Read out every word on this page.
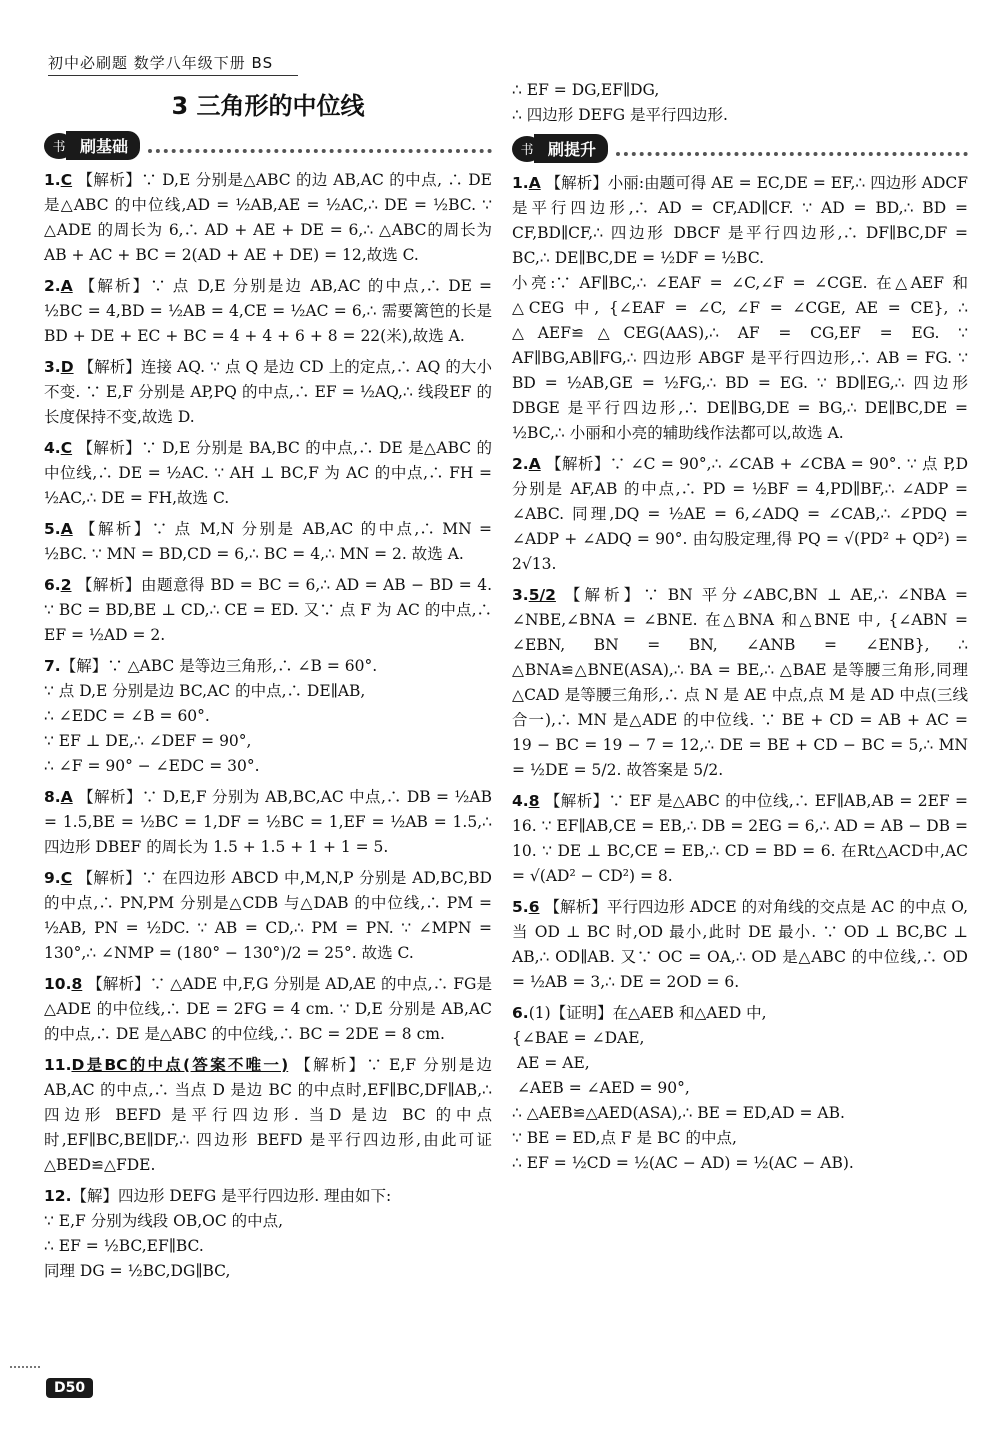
初中必刷题 数学八年级下册 BS
3 三角形的中位线
书 刷基础

1.C 【解析】∵ D,E 分别是△ABC 的边 AB,AC 的中点, ∴ DE 是△ABC 的中位线,AD = ½AB,AE = ½AC,∴ DE = ½BC. ∵ △ADE 的周长为 6,∴ AD + AE + DE = 6,∴ △ABC的周长为 AB + AC + BC = 2(AD + AE + DE) = 12,故选 C.

2.A 【解析】∵ 点 D,E 分别是边 AB,AC 的中点,∴ DE = ½BC = 4,BD = ½AB = 4,CE = ½AC = 6,∴ 需要篱笆的长是 BD + DE + EC + BC = 4 + 4 + 6 + 8 = 22(米),故选 A.

3.D 【解析】连接 AQ. ∵ 点 Q 是边 CD 上的定点,∴ AQ 的大小不变. ∵ E,F 分别是 AP,PQ 的中点,∴ EF = ½AQ,∴ 线段EF 的长度保持不变,故选 D.

4.C 【解析】∵ D,E 分别是 BA,BC 的中点,∴ DE 是△ABC 的中位线,∴ DE = ½AC. ∵ AH ⊥ BC,F 为 AC 的中点,∴ FH = ½AC,∴ DE = FH,故选 C.

5.A 【解析】∵ 点 M,N 分别是 AB,AC 的中点,∴ MN = ½BC. ∵ MN = BD,CD = 6,∴ BC = 4,∴ MN = 2. 故选 A.

6.2 【解析】由题意得 BD = BC = 6,∴ AD = AB − BD = 4. ∵ BC = BD,BE ⊥ CD,∴ CE = ED. 又∵ 点 F 为 AC 的中点,∴ EF = ½AD = 2.

7.【解】∵ △ABC 是等边三角形,∴ ∠B = 60°.
∵ 点 D,E 分别是边 BC,AC 的中点,∴ DE∥AB,
∴ ∠EDC = ∠B = 60°.
∵ EF ⊥ DE,∴ ∠DEF = 90°,
∴ ∠F = 90° − ∠EDC = 30°.

8.A 【解析】∵ D,E,F 分别为 AB,BC,AC 中点,∴ DB = ½AB = 1.5,BE = ½BC = 1,DF = ½BC = 1,EF = ½AB = 1.5,∴ 四边形 DBEF 的周长为 1.5 + 1.5 + 1 + 1 = 5.

9.C 【解析】∵ 在四边形 ABCD 中,M,N,P 分别是 AD,BC,BD 的中点,∴ PN,PM 分别是△CDB 与△DAB 的中位线,∴ PM = ½AB, PN = ½DC. ∵ AB = CD,∴ PM = PN. ∵ ∠MPN = 130°,∴ ∠NMP = (180° − 130°)/2 = 25°. 故选 C.

10.8 【解析】∵ △ADE 中,F,G 分别是 AD,AE 的中点,∴ FG是△ADE 的中位线,∴ DE = 2FG = 4 cm. ∵ D,E 分别是 AB,AC 的中点,∴ DE 是△ABC 的中位线,∴ BC = 2DE = 8 cm.

11.D是BC的中点(答案不唯一) 【解析】∵ E,F 分别是边 AB,AC 的中点,∴ 当点 D 是边 BC 的中点时,EF∥BC,DF∥AB,∴ 四边形 BEFD 是平行四边形. 当D 是边 BC 的中点时,EF∥BC,BE∥DF,∴ 四边形 BEFD 是平行四边形,由此可证△BED≌△FDE.

12.【解】四边形 DEFG 是平行四边形. 理由如下:
∵ E,F 分别为线段 OB,OC 的中点,
∴ EF = ½BC,EF∥BC.
同理 DG = ½BC,DG∥BC,

∴ EF = DG,EF∥DG,
∴ 四边形 DEFG 是平行四边形.

书 刷提升

1.A 【解析】小丽:由题可得 AE = EC,DE = EF,∴ 四边形 ADCF 是平行四边形,∴ AD = CF,AD∥CF. ∵ AD = BD,∴ BD = CF,BD∥CF,∴ 四边形 DBCF 是平行四边形,∴ DF∥BC,DF = BC,∴ DE∥BC,DE = ½DF = ½BC.
小亮:∵ AF∥BC,∴ ∠EAF = ∠C,∠F = ∠CGE. 在△AEF 和△CEG 中, {∠EAF = ∠C, ∠F = ∠CGE, AE = CE}, ∴ △AEF≌△CEG(AAS),∴ AF = CG,EF = EG. ∵ AF∥BG,AB∥FG,∴ 四边形 ABGF 是平行四边形,∴ AB = FG. ∵ BD = ½AB,GE = ½FG,∴ BD = EG. ∵ BD∥EG,∴ 四边形 DBGE 是平行四边形,∴ DE∥BG,DE = BG,∴ DE∥BC,DE = ½BC,∴ 小丽和小亮的辅助线作法都可以,故选 A.

2.A 【解析】∵ ∠C = 90°,∴ ∠CAB + ∠CBA = 90°. ∵ 点 P,D 分别是 AF,AB 的中点,∴ PD = ½BF = 4,PD∥BF,∴ ∠ADP = ∠ABC. 同理,DQ = ½AE = 6,∠ADQ = ∠CAB,∴ ∠PDQ = ∠ADP + ∠ADQ = 90°. 由勾股定理,得 PQ = √(PD² + QD²) = 2√13.

3.5/2 【解析】∵ BN 平分∠ABC,BN ⊥ AE,∴ ∠NBA = ∠NBE,∠BNA = ∠BNE. 在△BNA 和△BNE 中, {∠ABN = ∠EBN, BN = BN, ∠ANB = ∠ENB}, ∴ △BNA≌△BNE(ASA),∴ BA = BE,∴ △BAE 是等腰三角形,同理△CAD 是等腰三角形,∴ 点 N 是 AE 中点,点 M 是 AD 中点(三线合一),∴ MN 是△ADE 的中位线. ∵ BE + CD = AB + AC = 19 − BC = 19 − 7 = 12,∴ DE = BE + CD − BC = 5,∴ MN = ½DE = 5/2. 故答案是 5/2.

4.8 【解析】∵ EF 是△ABC 的中位线,∴ EF∥AB,AB = 2EF = 16. ∵ EF∥AB,CE = EB,∴ DB = 2EG = 6,∴ AD = AB − DB = 10. ∵ DE ⊥ BC,CE = EB,∴ CD = BD = 6. 在Rt△ACD中,AC = √(AD² − CD²) = 8.

5.6 【解析】平行四边形 ADCE 的对角线的交点是 AC 的中点 O,当 OD ⊥ BC 时,OD 最小,此时 DE 最小. ∵ OD ⊥ BC,BC ⊥ AB,∴ OD∥AB. 又∵ OC = OA,∴ OD 是△ABC 的中位线,∴ OD = ½AB = 3,∴ DE = 2OD = 6.

6.(1)【证明】在△AEB 和△AED 中,
{∠BAE = ∠DAE,
AE = AE,
∠AEB = ∠AED = 90°,
∴ △AEB≌△AED(ASA),∴ BE = ED,AD = AB.
∵ BE = ED,点 F 是 BC 的中点,
∴ EF = ½CD = ½(AC − AD) = ½(AC − AB).

D50
